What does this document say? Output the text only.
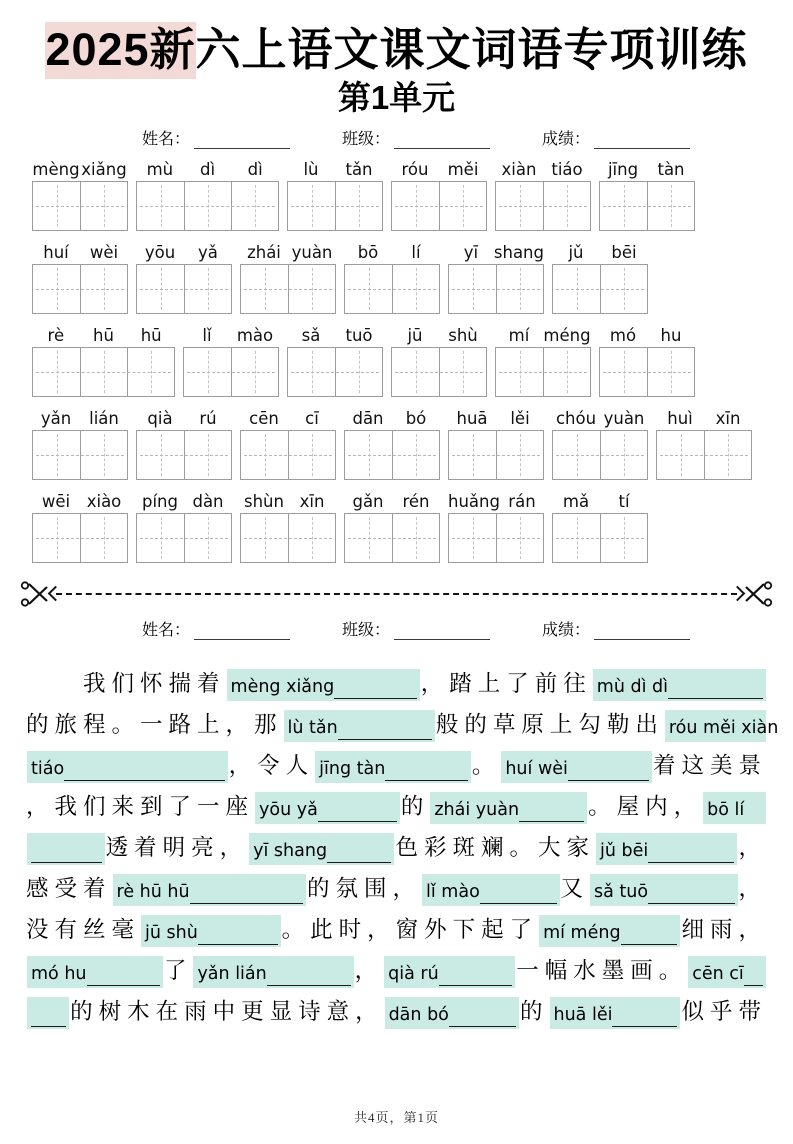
2025新六上语文课文词语专项训练
第1单元
姓名：	班级：	成绩：
mèng xiǎng	mù	dì	dì	lù	tǎn	róu	měi	xiàn tiáo	jīng	tàn
huí	wèi	yōu	yǎ	zhái yuàn	bō	lí	yī shang	jǔ	bēi
rè	hū	hū	lǐ	mào	sǎ	tuō	jū	shù	mí méng	mó	hu
yǎn	lián	qià	rú	cēn	cī	dān	bó	huā	lěi	chóu yuàn	huì	xīn
wēi	xiào	píng dàn	shùn xīn	gǎn	rén	huǎng rán	mǎ	tí
姓名：	班级：	成绩：
　　我们怀揣着 mèng xiǎng	，踏上了前往 mù dì dì
的旅程。一路上，那 lù tǎn	般的草原上勾勒出 róu měi xiàn
tiáo	，令人 jīng tàn	。 huí wèi	着这美景
，我们来到了一座 yōu yǎ	的 zhái yuàn	。屋内， bō lí
透着明亮， yī shang	色彩斑斓。大家 jǔ bēi	，
感受着 rè hū hū	的氛围， lǐ mào	又 sǎ tuō	，
没有丝毫 jū shù	。此时，窗外下起了 mí méng	细雨，
mó hu	了 yǎn lián	， qià rú	一幅水墨画。 cēn cī
的树木在雨中更显诗意， dān bó	的 huā lěi	似乎带
共4页，第1页
